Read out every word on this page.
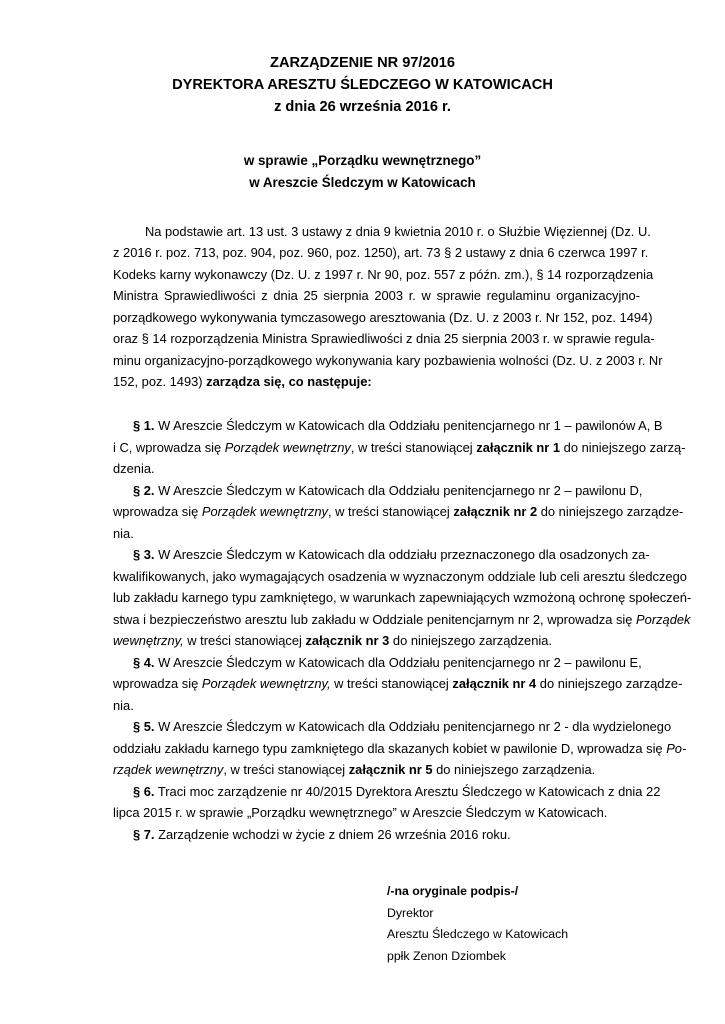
ZARZĄDZENIE NR 97/2016
DYREKTORA ARESZTU ŚLEDCZEGO W KATOWICACH
z dnia 26 września 2016 r.
w sprawie „Porządku wewnętrznego”
w Areszcie Śledczym w Katowicach
Na podstawie art. 13 ust. 3 ustawy z dnia 9 kwietnia 2010 r. o Służbie Więziennej (Dz. U.
z 2016 r. poz. 713, poz. 904, poz. 960, poz. 1250), art. 73 § 2 ustawy z dnia 6 czerwca 1997 r.
Kodeks karny wykonawczy (Dz. U. z 1997 r. Nr 90, poz. 557 z późn. zm.), § 14 rozporządzenia
Ministra Sprawiedliwości z dnia 25 sierpnia 2003 r. w sprawie regulaminu organizacyjno-
porządkowego wykonywania tymczasowego aresztowania (Dz. U. z 2003 r. Nr 152, poz. 1494)
oraz § 14 rozporządzenia Ministra Sprawiedliwości z dnia 25 sierpnia 2003 r. w sprawie regula-
minu organizacyjno-porządkowego wykonywania kary pozbawienia wolności (Dz. U. z 2003 r. Nr
152, poz. 1493) zarządza się, co następuje:
§ 1. W Areszcie Śledczym w Katowicach dla Oddziału penitencjarnego nr 1 – pawilonów A, B
i C, wprowadza się Porządek wewnętrzny, w treści stanowiącej załącznik nr 1 do niniejszego zarzą-
dzenia.
§ 2. W Areszcie Śledczym w Katowicach dla Oddziału penitencjarnego nr 2 – pawilonu D,
wprowadza się Porządek wewnętrzny, w treści stanowiącej załącznik nr 2 do niniejszego zarządze-
nia.
§ 3. W Areszcie Śledczym w Katowicach dla oddziału przeznaczonego dla osadzonych za-
kwalifikowanych, jako wymagających osadzenia w wyznaczonym oddziale lub celi aresztu śledczego
lub zakładu karnego typu zamkniętego, w warunkach zapewniających wzmożoną ochronę społeczeń-
stwa i bezpieczeństwo aresztu lub zakładu w Oddziale penitencjarnym nr 2, wprowadza się Porządek
wewnętrzny, w treści stanowiącej załącznik nr 3 do niniejszego zarządzenia.
§ 4. W Areszcie Śledczym w Katowicach dla Oddziału penitencjarnego nr 2 – pawilonu E,
wprowadza się Porządek wewnętrzny, w treści stanowiącej załącznik nr 4 do niniejszego zarządze-
nia.
§ 5. W Areszcie Śledczym w Katowicach dla Oddziału penitencjarnego nr 2 - dla wydzielonego
oddziału zakładu karnego typu zamkniętego dla skazanych kobiet w pawilonie D, wprowadza się Po-
rządek wewnętrzny, w treści stanowiącej załącznik nr 5 do niniejszego zarządzenia.
§ 6. Traci moc zarządzenie nr 40/2015 Dyrektora Aresztu Śledczego w Katowicach z dnia 22
lipca 2015 r. w sprawie „Porządku wewnętrznego” w Areszcie Śledczym w Katowicach.
§ 7. Zarządzenie wchodzi w życie z dniem 26 września 2016 roku.
/-na oryginale podpis-/
Dyrektor
Aresztu Śledczego w Katowicach
ppłk Zenon Dziombek
